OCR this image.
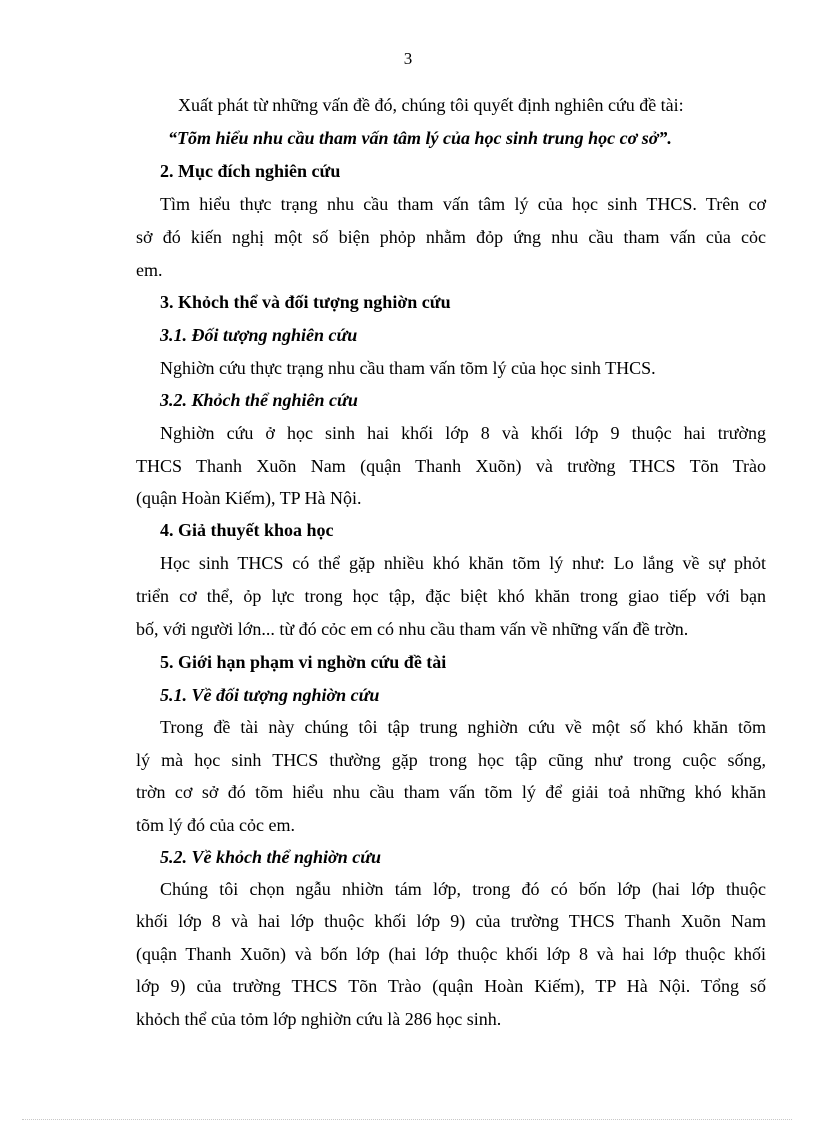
3
Xuất phát từ những vấn đề đó, chúng tôi quyết định nghiên cứu đề tài:
“Tõm hiểu nhu cầu tham vấn tâm lý của học sinh trung học cơ sở”.
2. Mục đích nghiên cứu
Tìm hiểu thực trạng nhu cầu tham vấn tâm lý của học sinh THCS. Trên cơ
sở đó kiến nghị một số biện phỏp nhằm đỏp ứng nhu cầu tham vấn của cỏc
em.
3. Khỏch thể và đối tượng nghiờn cứu
3.1. Đối tượng nghiên cứu
Nghiờn cứu thực trạng nhu cầu tham vấn tõm lý của học sinh THCS.
3.2. Khỏch thể nghiên cứu
Nghiờn cứu ở học sinh hai khối lớp 8 và khối lớp 9 thuộc hai trường
THCS Thanh Xuõn Nam (quận Thanh Xuõn) và trường THCS Tõn Trào
(quận Hoàn Kiếm), TP Hà Nội.
4. Giả thuyết khoa học
Học sinh THCS có thể gặp nhiều khó khăn tõm lý như: Lo lắng về sự phỏt
triển cơ thể, ỏp lực trong học tập, đặc biệt khó khăn trong giao tiếp với bạn
bố, với người lớn... từ đó cỏc em có nhu cầu tham vấn về những vấn đề trờn.
5. Giới hạn phạm vi nghờn cứu đề tài
5.1. Về đối tượng nghiờn cứu
Trong đề tài này chúng tôi tập trung nghiờn cứu về một số khó khăn tõm
lý mà học sinh THCS thường gặp trong học tập cũng như trong cuộc sống,
trờn cơ sở đó tõm hiểu nhu cầu tham vấn tõm lý để giải toả những khó khăn
tõm lý đó của cỏc em.
5.2. Về khỏch thể nghiờn cứu
Chúng tôi chọn ngẫu nhiờn tám lớp, trong đó có bốn lớp (hai lớp thuộc
khối lớp 8 và hai lớp thuộc khối lớp 9) của trường THCS Thanh Xuõn Nam
(quận Thanh Xuõn) và bốn lớp (hai lớp thuộc khối lớp 8 và hai lớp thuộc khối
lớp 9) của trường THCS Tõn Trào (quận Hoàn Kiếm), TP Hà Nội. Tổng số
khỏch thể của tỏm lớp nghiờn cứu là 286 học sinh.
